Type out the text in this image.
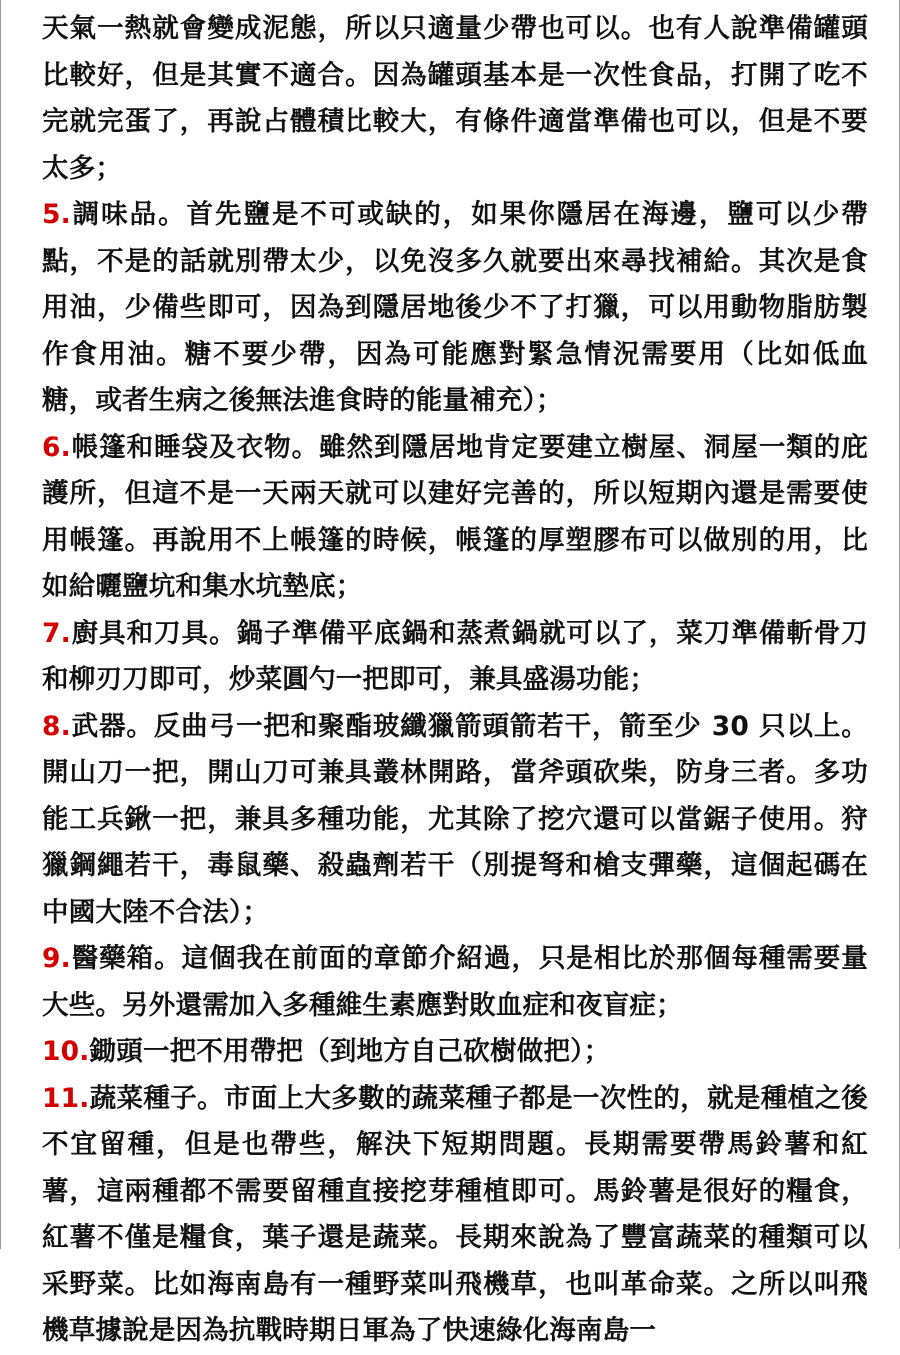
天氣一熱就會變成泥態，所以只適量少帶也可以。也有人說準備罐頭比較好，但是其實不適合。因為罐頭基本是一次性食品，打開了吃不完就完蛋了，再說占體積比較大，有條件適當準備也可以，但是不要太多；

5.調味品。首先鹽是不可或缺的，如果你隱居在海邊，鹽可以少帶點，不是的話就別帶太少，以免沒多久就要出來尋找補給。其次是食用油，少備些即可，因為到隱居地後少不了打獵，可以用動物脂肪製作食用油。糖不要少帶，因為可能應對緊急情況需要用（比如低血糖，或者生病之後無法進食時的能量補充）；

6.帳篷和睡袋及衣物。雖然到隱居地肯定要建立樹屋、洞屋一類的庇護所，但這不是一天兩天就可以建好完善的，所以短期內還是需要使用帳篷。再說用不上帳篷的時候，帳篷的厚塑膠布可以做別的用，比如給曬鹽坑和集水坑墊底；

7.廚具和刀具。鍋子準備平底鍋和蒸煮鍋就可以了，菜刀準備斬骨刀和柳刃刀即可，炒菜圓勺一把即可，兼具盛湯功能；

8.武器。反曲弓一把和聚酯玻纖獵箭頭箭若干，箭至少 30 只以上。開山刀一把，開山刀可兼具叢林開路，當斧頭砍柴，防身三者。多功能工兵鍬一把，兼具多種功能，尤其除了挖穴還可以當鋸子使用。狩獵鋼繩若干，毒鼠藥、殺蟲劑若干（別提弩和槍支彈藥，這個起碼在中國大陸不合法）；

9.醫藥箱。這個我在前面的章節介紹過，只是相比於那個每種需要量大些。另外還需加入多種維生素應對敗血症和夜盲症；

10.鋤頭一把不用帶把（到地方自己砍樹做把）；

11.蔬菜種子。市面上大多數的蔬菜種子都是一次性的，就是種植之後不宜留種，但是也帶些，解決下短期問題。長期需要帶馬鈴薯和紅薯，這兩種都不需要留種直接挖芽種植即可。馬鈴薯是很好的糧食，紅薯不僅是糧食，葉子還是蔬菜。長期來說為了豐富蔬菜的種類可以采野菜。比如海南島有一種野菜叫飛機草，也叫革命菜。之所以叫飛機草據說是因為抗戰時期日軍為了快速綠化海南島一
